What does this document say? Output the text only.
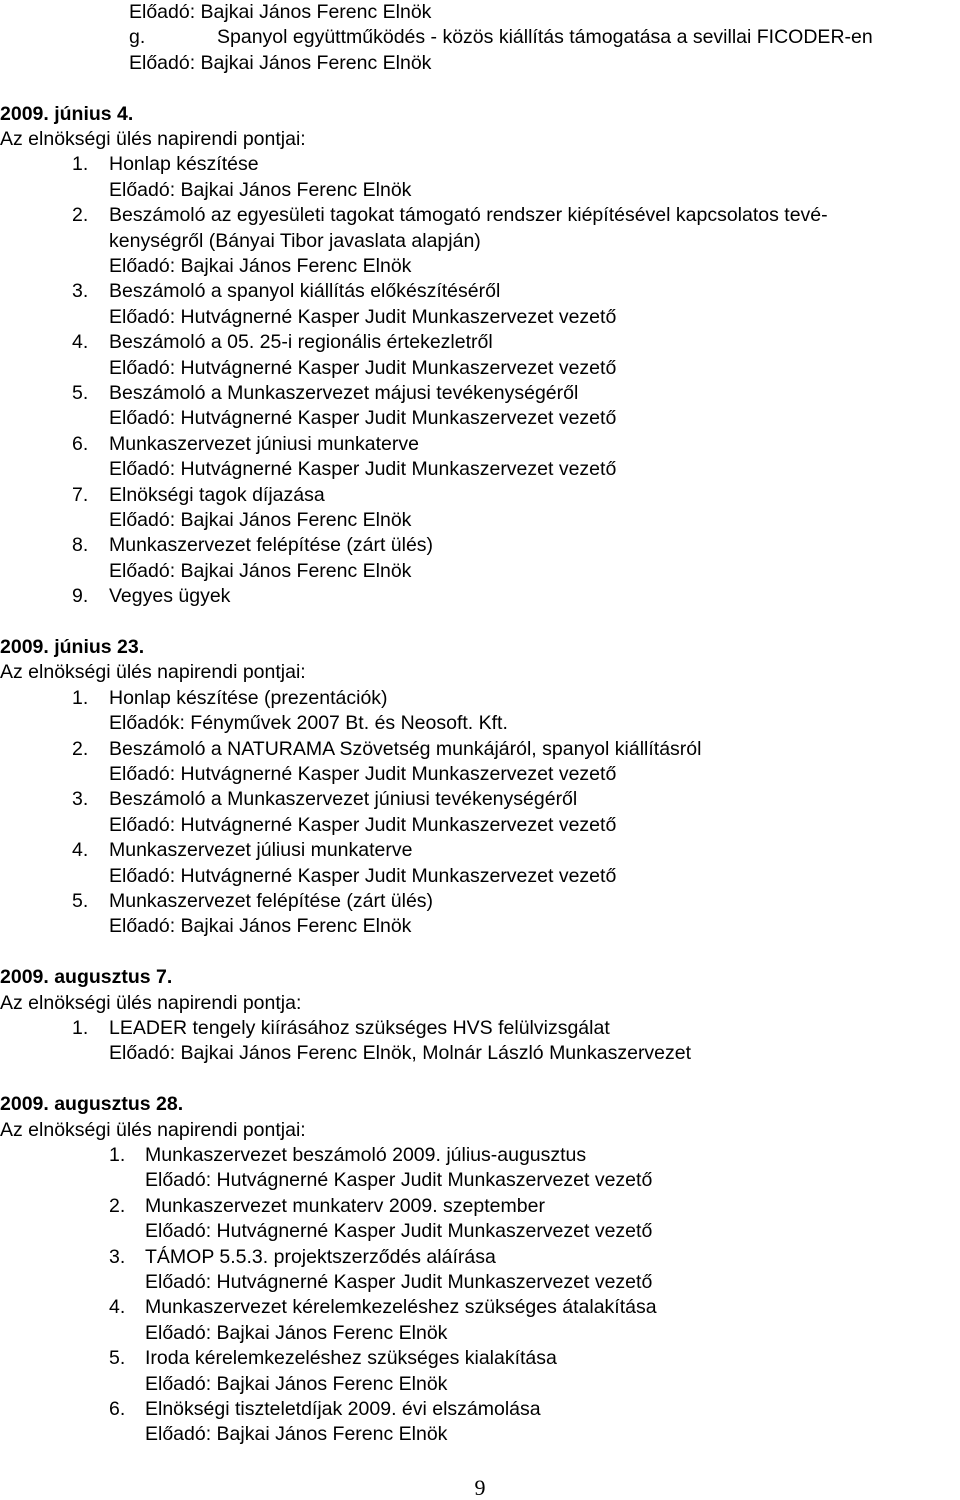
Előadó: Bajkai János Ferenc Elnök
g.	Spanyol együttműködés - közös kiállítás támogatása a sevillai FICODER-en
Előadó: Bajkai János Ferenc Elnök
2009. június 4.
Az elnökségi ülés napirendi pontjai:
1. Honlap készítése
Előadó: Bajkai János Ferenc Elnök
2. Beszámoló az egyesületi tagokat támogató rendszer kiépítésével kapcsolatos tevé-
kenységről (Bányai Tibor javaslata alapján)
Előadó: Bajkai János Ferenc Elnök
3. Beszámoló a spanyol kiállítás előkészítéséről
Előadó: Hutvágnerné Kasper Judit Munkaszervezet vezető
4. Beszámoló a 05. 25-i regionális értekezletről
Előadó: Hutvágnerné Kasper Judit Munkaszervezet vezető
5. Beszámoló a Munkaszervezet májusi tevékenységéről
Előadó: Hutvágnerné Kasper Judit Munkaszervezet vezető
6. Munkaszervezet júniusi munkaterve
Előadó: Hutvágnerné Kasper Judit Munkaszervezet vezető
7. Elnökségi tagok díjazása
Előadó: Bajkai János Ferenc Elnök
8. Munkaszervezet felépítése (zárt ülés)
Előadó: Bajkai János Ferenc Elnök
9. Vegyes ügyek
2009. június 23.
Az elnökségi ülés napirendi pontjai:
1. Honlap készítése (prezentációk)
Előadók: Fényművek 2007 Bt. és Neosoft. Kft.
2. Beszámoló a NATURAMA Szövetség munkájáról, spanyol kiállításról
Előadó: Hutvágnerné Kasper Judit Munkaszervezet vezető
3. Beszámoló a Munkaszervezet júniusi tevékenységéről
Előadó: Hutvágnerné Kasper Judit Munkaszervezet vezető
4. Munkaszervezet júliusi munkaterve
Előadó: Hutvágnerné Kasper Judit Munkaszervezet vezető
5. Munkaszervezet felépítése (zárt ülés)
Előadó: Bajkai János Ferenc Elnök
2009. augusztus 7.
Az elnökségi ülés napirendi pontja:
1. LEADER tengely kiírásához szükséges HVS felülvizsgálat
Előadó: Bajkai János Ferenc Elnök, Molnár László Munkaszervezet
2009. augusztus 28.
Az elnökségi ülés napirendi pontjai:
1. Munkaszervezet beszámoló 2009. július-augusztus
Előadó: Hutvágnerné Kasper Judit Munkaszervezet vezető
2. Munkaszervezet munkaterv 2009. szeptember
Előadó: Hutvágnerné Kasper Judit Munkaszervezet vezető
3. TÁMOP 5.5.3. projektszerződés aláírása
Előadó: Hutvágnerné Kasper Judit Munkaszervezet vezető
4. Munkaszervezet kérelemkezeléshez szükséges átalakítása
Előadó: Bajkai János Ferenc Elnök
5. Iroda kérelemkezeléshez szükséges kialakítása
Előadó: Bajkai János Ferenc Elnök
6. Elnökségi tiszteletdíjak 2009. évi elszámolása
Előadó: Bajkai János Ferenc Elnök
9
